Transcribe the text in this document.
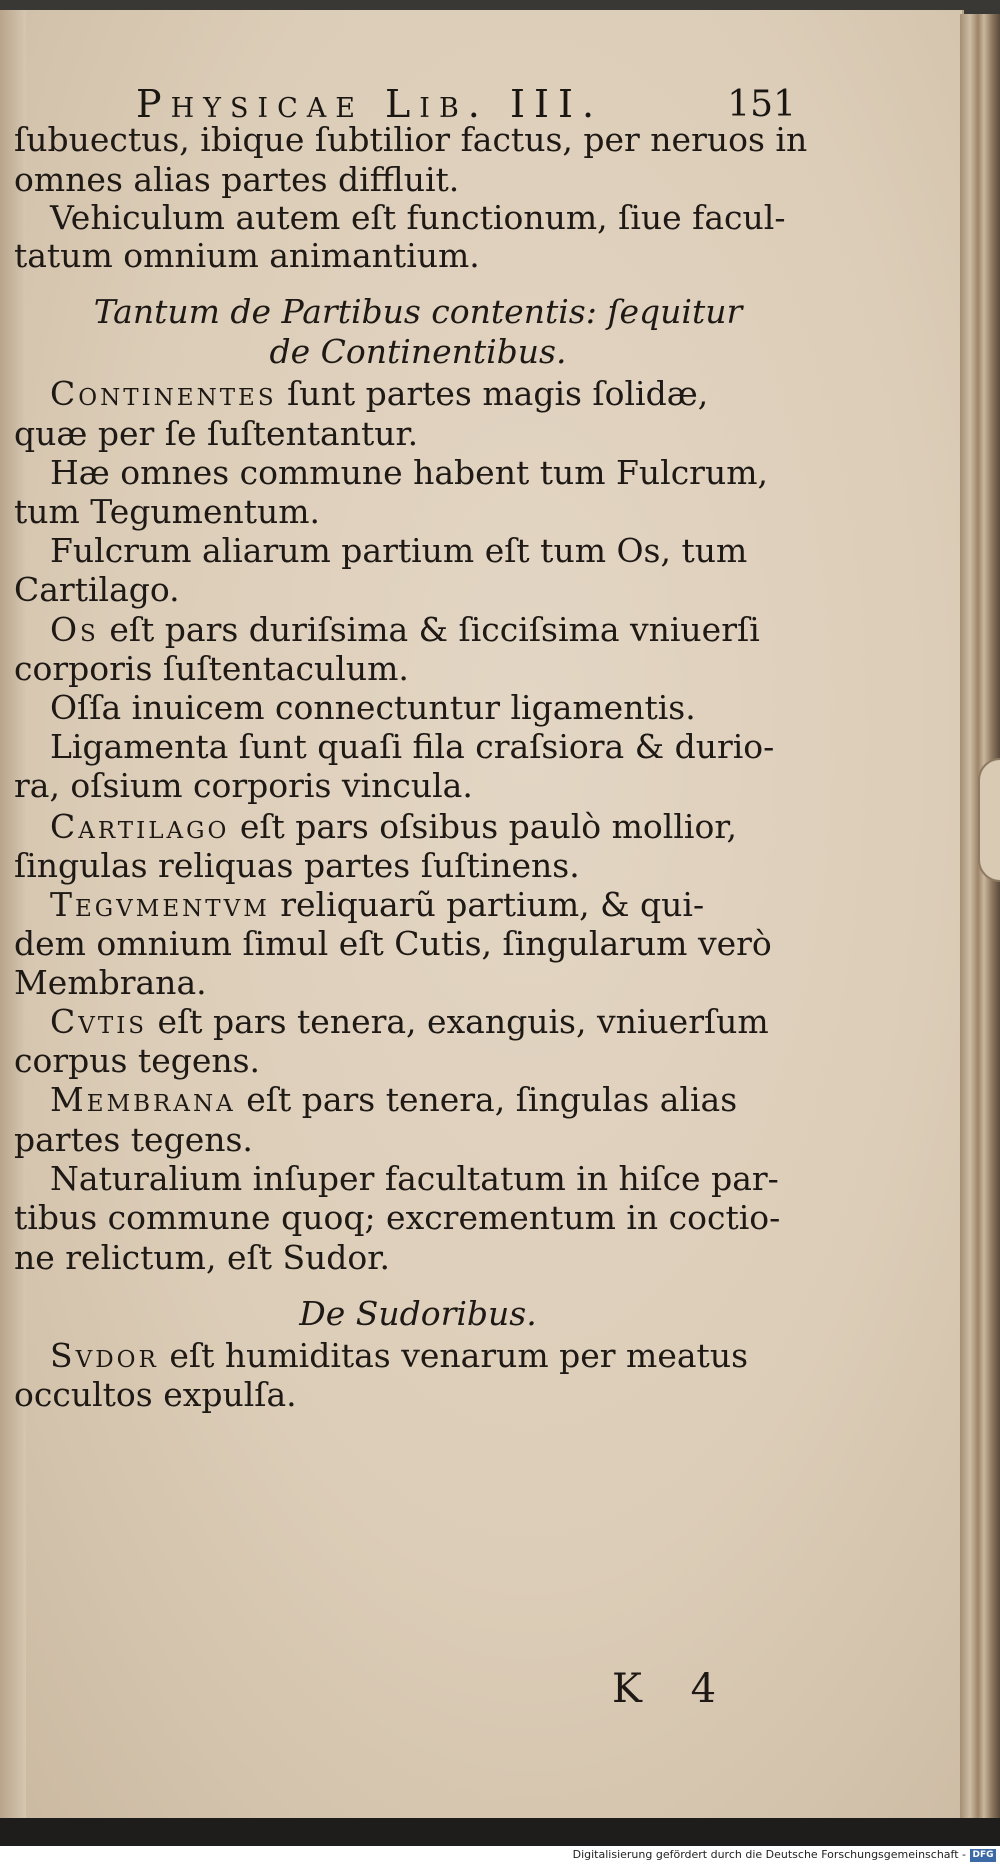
Physicae Lib. III.	151
ſubuectus, ibique ſubtilior factus, per neruos in
omnes alias partes diffluit.
Vehiculum autem eſt functionum, ſiue facul-
tatum omnium animantium.
Tantum de Partibus contentis: ſequitur
de Continentibus.
Continentes ſunt partes magis ſolidæ,
quæ per ſe ſuſtentantur.
Hæ omnes commune habent tum Fulcrum,
tum Tegumentum.
Fulcrum aliarum partium eſt tum Os, tum
Cartilago.
Os eſt pars duriſsima & ſicciſsima vniuerſi
corporis ſuſtentaculum.
Oſſa inuicem connectuntur ligamentis.
Ligamenta ſunt quaſi fila craſsiora & durio-
ra, oſsium corporis vincula.
Cartilago eſt pars oſsibus paulò mollior,
ſingulas reliquas partes ſuſtinens.
Tegvmentvm reliquarũ partium, & qui-
dem omnium ſimul eſt Cutis, ſingularum verò
Membrana.
Cvtis eſt pars tenera, exanguis, vniuerſum
corpus tegens.
Membrana eſt pars tenera, ſingulas alias
partes tegens.
Naturalium inſuper facultatum in hiſce par-
tibus commune quoq; excrementum in coctio-
ne relictum, eſt Sudor.
De Sudoribus.
Svdor eſt humiditas venarum per meatus
occultos expulſa.
K 4
Digitalisierung gefördert durch die Deutsche Forschungsgemeinschaft - DFG
